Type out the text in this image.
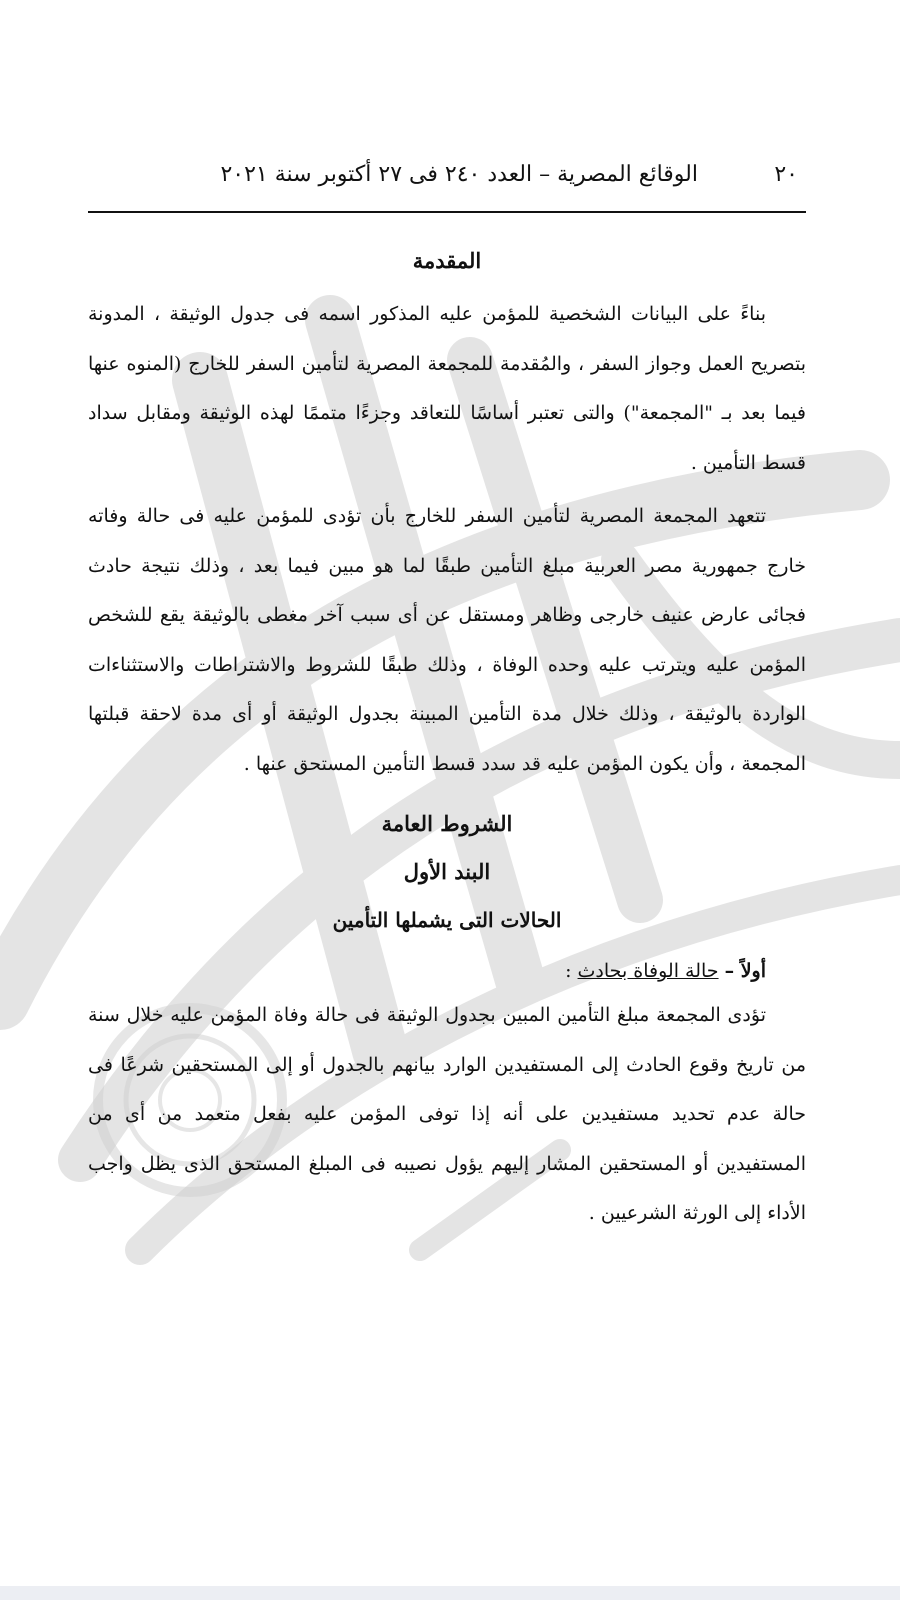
٢٠
الوقائع المصرية – العدد ٢٤٠ فى ٢٧ أكتوبر سنة ٢٠٢١
المقدمة

بناءً على البيانات الشخصية للمؤمن عليه المذكور اسمه فى جدول الوثيقة ، المدونة بتصريح العمل وجواز السفر ، والمُقدمة للمجمعة المصرية لتأمين السفر للخارج (المنوه عنها فيما بعد بـ "المجمعة") والتى تعتبر أساسًا للتعاقد وجزءًا متممًا لهذه الوثيقة ومقابل سداد قسط التأمين .

تتعهد المجمعة المصرية لتأمين السفر للخارج بأن تؤدى للمؤمن عليه فى حالة وفاته خارج جمهورية مصر العربية مبلغ التأمين طبقًا لما هو مبين فيما بعد ، وذلك نتيجة حادث فجائى عارض عنيف خارجى وظاهر ومستقل عن أى سبب آخر مغطى بالوثيقة يقع للشخص المؤمن عليه ويترتب عليه وحده الوفاة ، وذلك طبقًا للشروط والاشتراطات والاستثناءات الواردة بالوثيقة ، وذلك خلال مدة التأمين المبينة بجدول الوثيقة أو أى مدة لاحقة قبلتها المجمعة ، وأن يكون المؤمن عليه قد سدد قسط التأمين المستحق عنها .

الشروط العامة
البند الأول
الحالات التى يشملها التأمين

أولاً – حالة الوفاة بحادث :

تؤدى المجمعة مبلغ التأمين المبين بجدول الوثيقة فى حالة وفاة المؤمن عليه خلال سنة من تاريخ وقوع الحادث إلى المستفيدين الوارد بيانهم بالجدول أو إلى المستحقين شرعًا فى حالة عدم تحديد مستفيدين على أنه إذا توفى المؤمن عليه بفعل متعمد من أى من المستفيدين أو المستحقين المشار إليهم يؤول نصيبه فى المبلغ المستحق الذى يظل واجب الأداء إلى الورثة الشرعيين .
